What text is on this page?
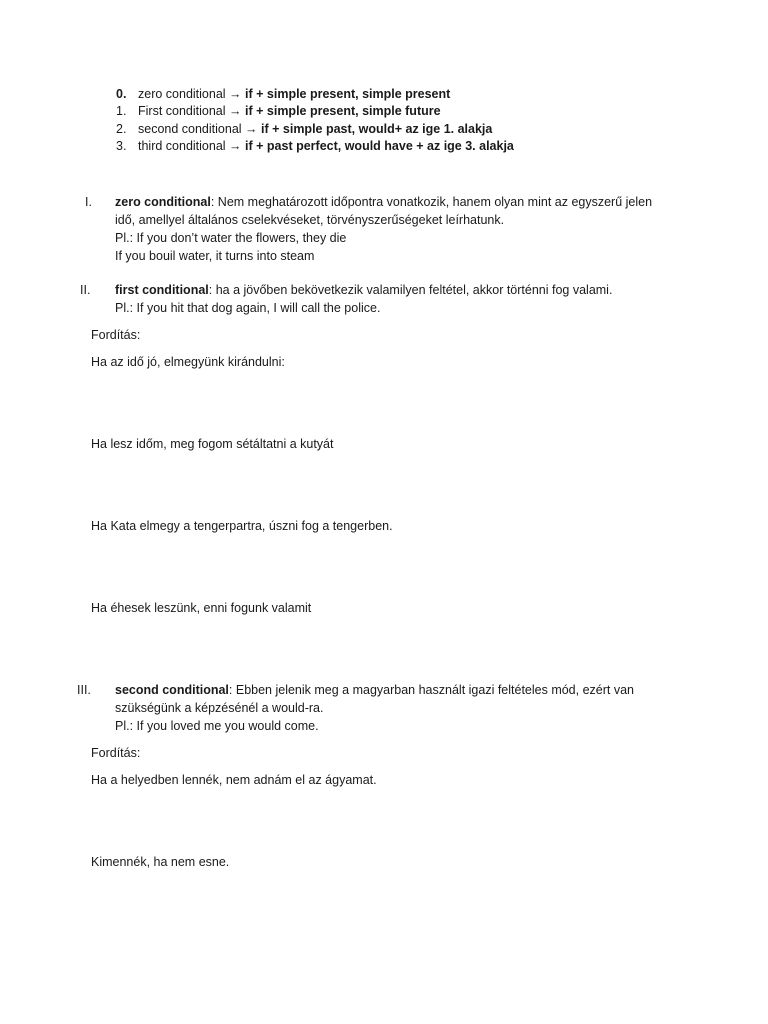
0. zero conditional → if + simple present, simple present
1. First conditional → if + simple present, simple future
2. second conditional → if + simple past, would+ az ige 1. alakja
3. third conditional → if + past perfect, would have + az ige 3. alakja
I. zero conditional: Nem meghatározott időpontra vonatkozik, hanem olyan mint az egyszerű jelen
idő, amellyel általános cselekvéseket, törvényszerűségeket leírhatunk.
Pl.: If you don’t water the flowers, they die
If you bouil water, it turns into steam
II. first conditional: ha a jövőben bekövetkezik valamilyen feltétel, akkor történni fog valami.
Pl.: If you hit that dog again, I will call the police.
Fordítás:
Ha az idő jó, elmegyünk kirándulni:
Ha lesz időm, meg fogom sétáltatni a kutyát
Ha Kata elmegy a tengerpartra, úszni fog a tengerben.
Ha éhesek leszünk, enni fogunk valamit
III. second conditional: Ebben jelenik meg a magyarban használt igazi feltételes mód, ezért van
szükségünk a képzésénél a would-ra.
Pl.: If you loved me you would come.
Fordítás:
Ha a helyedben lennék, nem adnám el az ágyamat.
Kimennék, ha nem esne.
